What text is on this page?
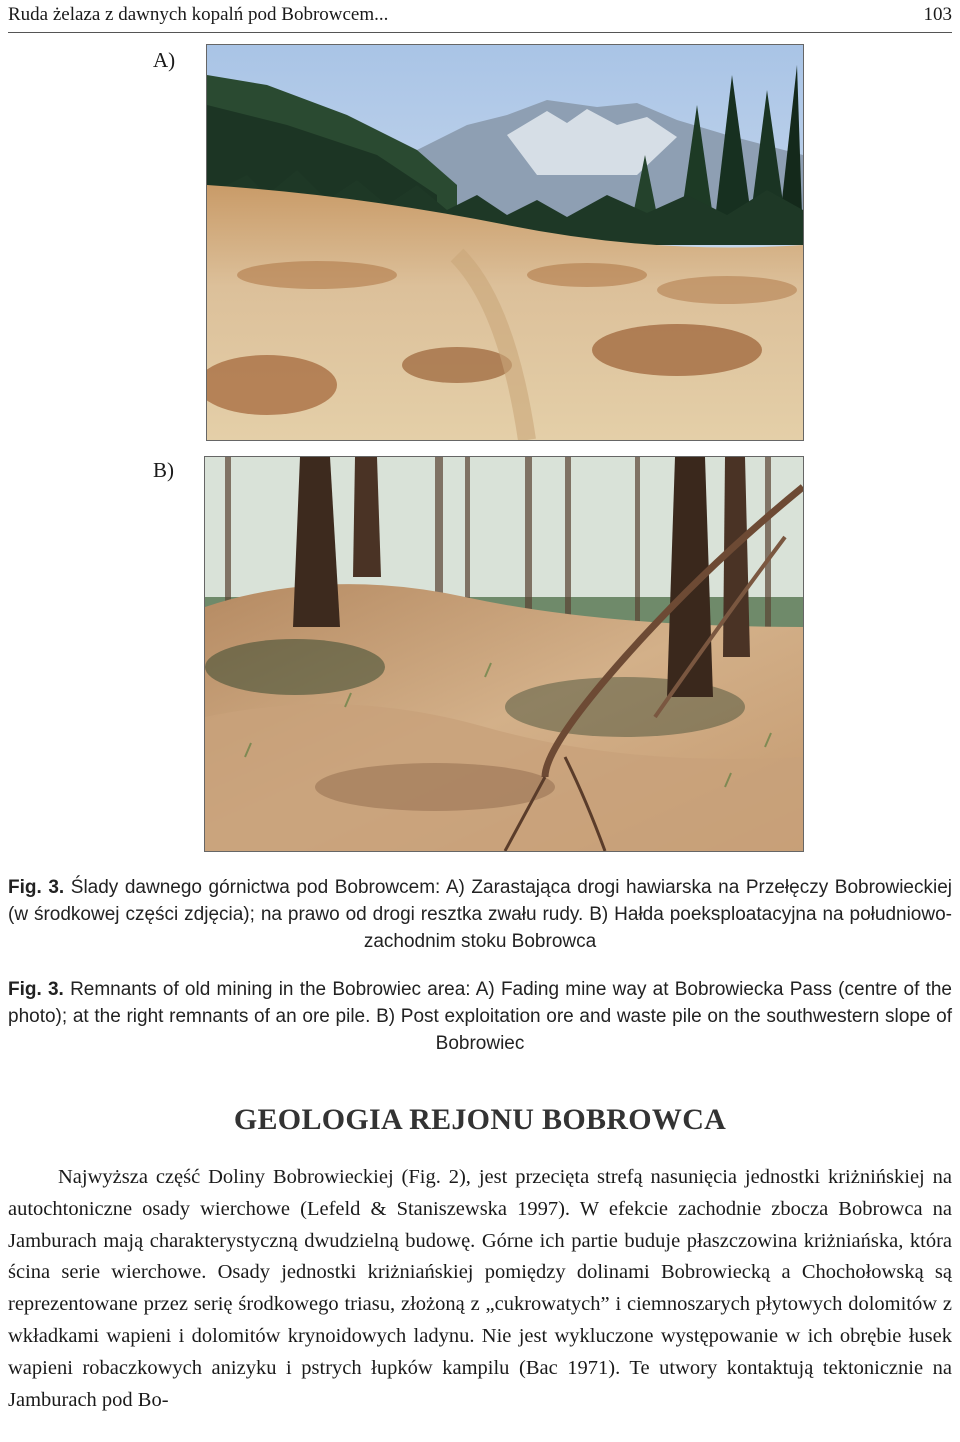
Ruda żelaza z dawnych kopalń pod Bobrowcem...	103
A)
B)
Fig. 3. Ślady dawnego górnictwa pod Bobrowcem: A) Zarastająca drogi hawiarska na Przełęczy Bobrowieckiej (w środkowej części zdjęcia); na prawo od drogi resztka zwału rudy. B) Hałda poeksploatacyjna na południowo-zachodnim stoku Bobrowca
Fig. 3. Remnants of old mining in the Bobrowiec area: A) Fading mine way at Bobrowiecka Pass (centre of the photo); at the right remnants of an ore pile. B) Post exploitation ore and waste pile on the southwestern slope of Bobrowiec
GEOLOGIA REJONU BOBROWCA
Najwyższa część Doliny Bobrowieckiej (Fig. 2), jest przecięta strefą nasunięcia jednostki kriżnińskiej na autochtoniczne osady wierchowe (Lefeld & Staniszewska 1997). W efekcie zachodnie zbocza Bobrowca na Jamburach mają charakterystyczną dwudzielną budowę. Górne ich partie buduje płaszczowina kriżniańska, która ścina serie wierchowe. Osady jednostki kriżniańskiej pomiędzy dolinami Bobrowiecką a Chochołowską są reprezentowane przez serię środkowego triasu, złożoną z „cukrowatych” i ciemnoszarych płytowych dolomitów z wkładkami wapieni i dolomitów krynoidowych ladynu. Nie jest wykluczone występowanie w ich obrębie łusek wapieni robaczkowych anizyku i pstrych łupków kampilu (Bac 1971). Te utwory kontaktują tektonicznie na Jamburach pod Bo-
